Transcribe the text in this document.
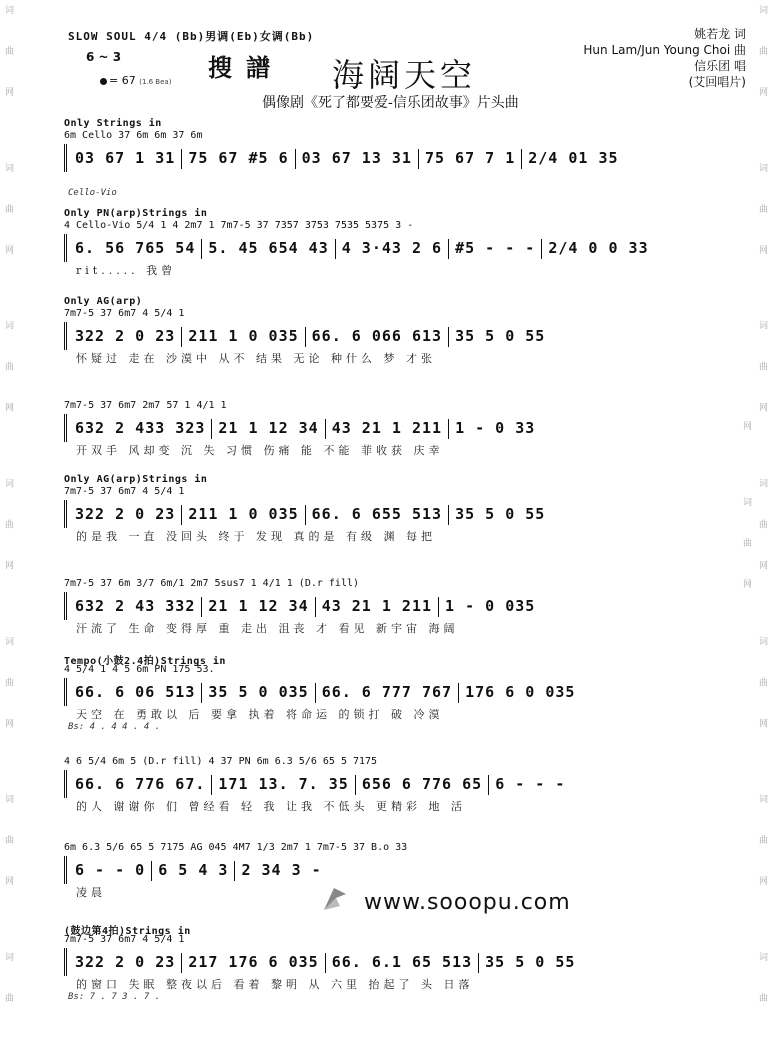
词曲网 词曲网 词曲网 词曲网 词曲网 词曲网 词曲	词曲网 词曲网 词曲网 词曲网 词曲网 词曲网 词曲网 词曲网
SLOW SOUL 4/4 (Bb)男调(Eb)女调(Bb)
6 ~ 3
= 67 (1.6 Bea) 搜譜 海阔天空
偶像剧《死了都要爱-信乐团故事》片头曲
姚若龙 词
Hun Lam/Jun Young Choi 曲
信乐团 唱
(艾回唱片)
Only Strings in
6m Cello 37 6m 6m 37 6m
03 67 1 31 75 67 #5 6 03 67 13 31 75 67 7 1 2/4 01 35
Cello-Vio
Only PN(arp)Strings in
4 Cello-Vio 5/4 1 4 2m7 1 7m7-5 37 7357 3753 7535 5375 3 -
6. 56 765 54 5. 45 654 43 4 3·43 2 6 #5 - - - 2/4 0 0 33
rit..... 我曾
Only AG(arp)
7m7-5 37 6m7 4 5/4 1
322 2 0 23 211 1 0 035 66. 6 066 613 35 5 0 55
怀疑过 走在 沙漠中 从不 结果 无论 种什么 梦 才张
7m7-5 37 6m7 2m7 57 1 4/1 1
632 2 433 323 21 1 12 34 43 21 1 211 1 - 0 33
开双手 风却变 沉 失 习惯 伤痛 能 不能 菲收获 庆幸
Only AG(arp)Strings in
7m7-5 37 6m7 4 5/4 1
322 2 0 23 211 1 0 035 66. 6 655 513 35 5 0 55
的是我 一直 没回头 终于 发现 真的是 有级 渊 每把
7m7-5 37 6m 3/7 6m/1 2m7 5sus7 1 4/1 1 (D.r fill)
632 2 43 332 21 1 12 34 43 21 1 211 1 - 0 035
汗流了 生命 变得厚 重 走出 沮丧 才 看见 新宇宙 海阔
Tempo(小鼓2.4拍)Strings in
4 5/4 1 4 5 6m PN 175 53.
66. 6 06 513 35 5 0 035 66. 6 777 767 176 6 0 035
天空 在 勇敢以 后 要拿 执着 将命运 的锁打 破 冷漠
Bs: 4 . 4 4 . 4 .
4 6 5/4 6m 5 (D.r fill) 4 37 PN 6m 6.3 5/6 65 5 7175
66. 6 776 67. 171 13. 7. 35 656 6 776 65 6 - - -
的人 谢谢你 们 曾经看 轻 我 让我 不低头 更精彩 地 活
6m 6.3 5/6 65 5 7175 AG 045 4M7 1/3 2m7 1 7m7-5 37 B.o 33
6 - - 0 6 5 4 3 2 34 3 -
凌晨
(鼓边第4拍)Strings in
7m7-5 37 6m7 4 5/4 1
322 2 0 23 217 176 6 035 66. 6.1 65 513 35 5 0 55
的窗口 失眠 整夜以后 看着 黎明 从 六里 抬起了 头 日落
Bs: 7 . 7 3 . 7 .
www.sooopu.com
